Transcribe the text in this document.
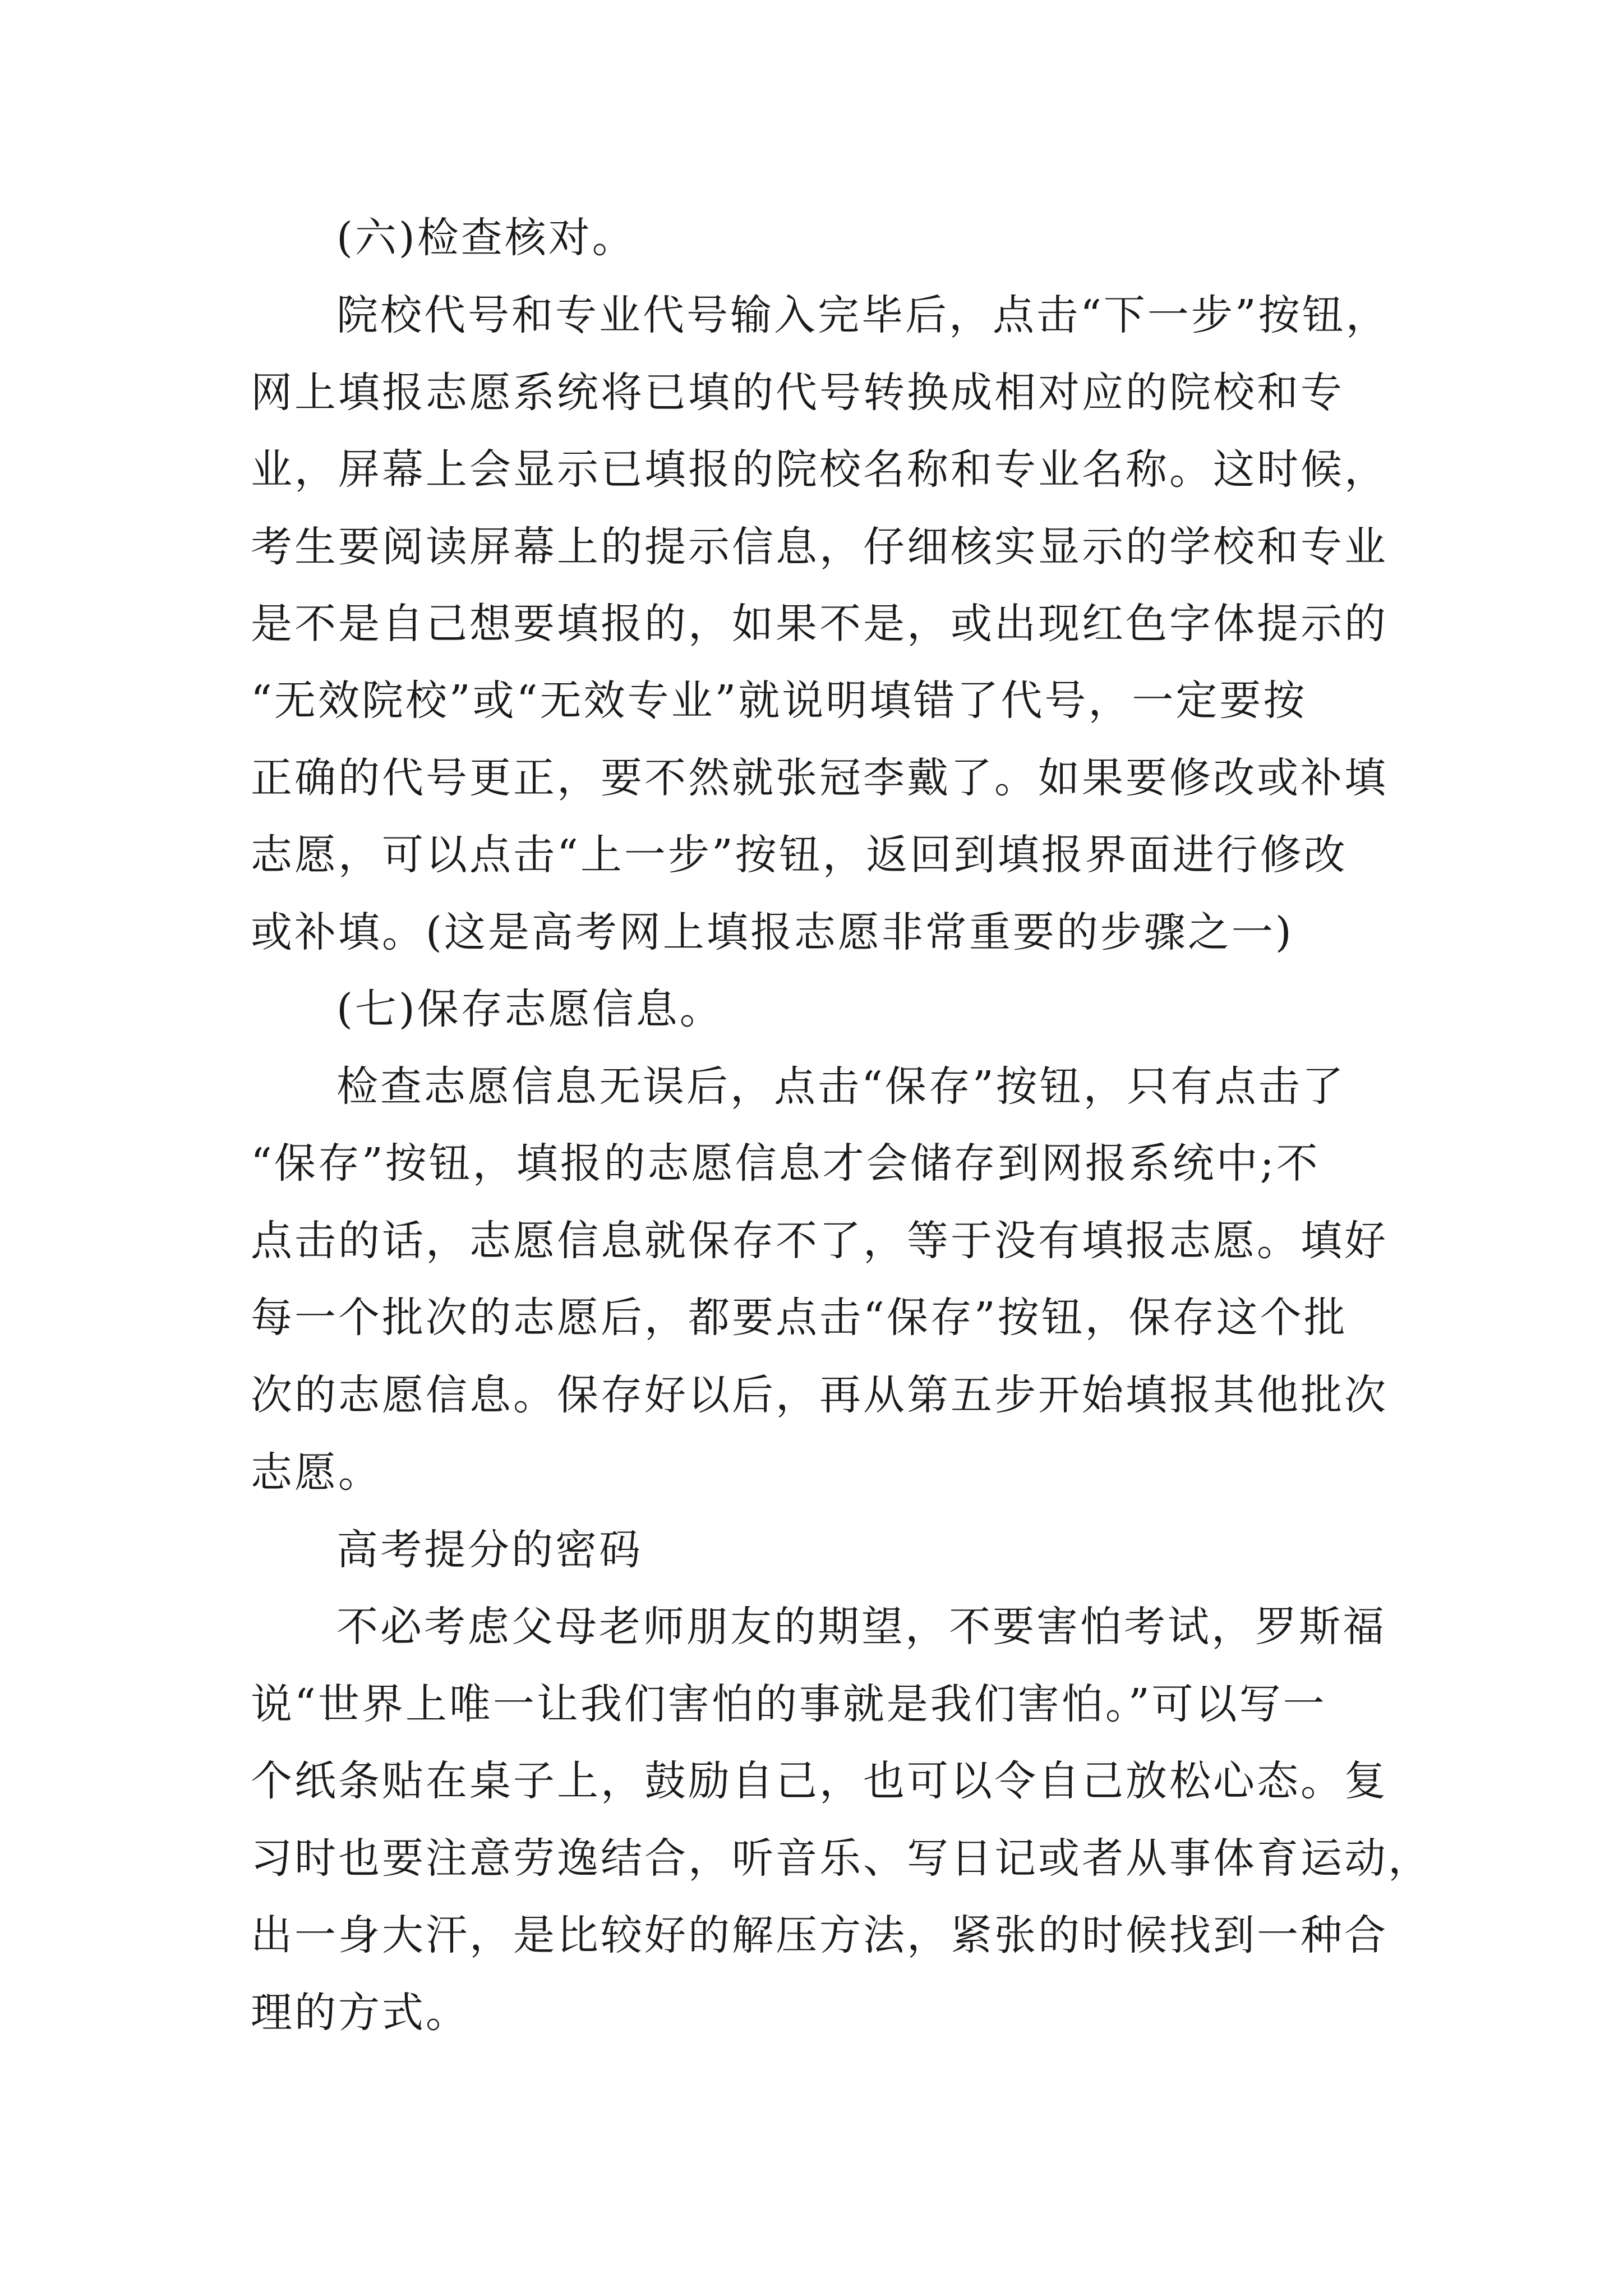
(六)检查核对。

院校代号和专业代号输入完毕后，点击“下一步”按钮，

网上填报志愿系统将已填的代号转换成相对应的院校和专

业，屏幕上会显示已填报的院校名称和专业名称。这时候，

考生要阅读屏幕上的提示信息，仔细核实显示的学校和专业

是不是自己想要填报的，如果不是，或出现红色字体提示的

“无效院校”或“无效专业”就说明填错了代号，一定要按

正确的代号更正，要不然就张冠李戴了。如果要修改或补填

志愿，可以点击“上一步”按钮，返回到填报界面进行修改

或补填。(这是高考网上填报志愿非常重要的步骤之一)

(七)保存志愿信息。

检查志愿信息无误后，点击“保存”按钮，只有点击了

“保存”按钮，填报的志愿信息才会储存到网报系统中;不

点击的话，志愿信息就保存不了，等于没有填报志愿。填好

每一个批次的志愿后，都要点击“保存”按钮，保存这个批

次的志愿信息。保存好以后，再从第五步开始填报其他批次

志愿。

高考提分的密码

不必考虑父母老师朋友的期望，不要害怕考试，罗斯福

说“世界上唯一让我们害怕的事就是我们害怕。”可以写一

个纸条贴在桌子上，鼓励自己，也可以令自己放松心态。复

习时也要注意劳逸结合，听音乐、写日记或者从事体育运动，

出一身大汗，是比较好的解压方法，紧张的时候找到一种合

理的方式。
